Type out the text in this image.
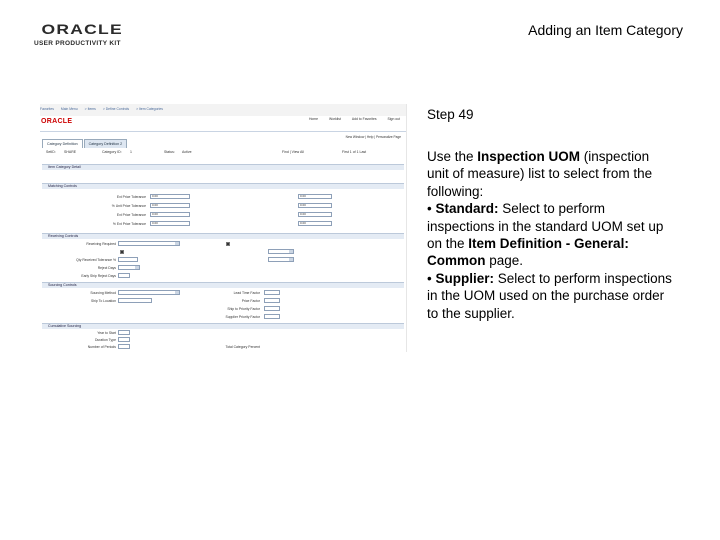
ORACLE
USER PRODUCTIVITY KIT
Adding an Item Category
Favorites Main Menu > Items > Define Controls > Item Categories
ORACLE	Home	Worklist	Add to Favorites	Sign out
New Window | Help | Personalize Page
Category Definition	Category Definition 2
SetID: SHARE	Category ID: 1	Status: Active	Find | View All	First 1 of 1 Last
Item Category Detail
Matching Controls
Ext Price Tolerance	0.00	0.00
% Unit Price Tolerance	0.00	0.00
Ext Price Tolerance	0.00	0.00
% Ext Price Tolerance	0.00	0.00
Receiving Controls
Receiving Required
Qty Received Tolerance %
Reject Days
Early Ship Reject Days
Sourcing Controls
Sourcing Method
Ship To Location
Lead Time Factor
Price Factor
Ship to Priority Factor
Supplier Priority Factor
Cumulative Sourcing
Year to Start
Duration Type
Number of Periods	Total Category Percent
Step 49

Use the Inspection UOM (inspection unit of measure) list to select from the following:

• Standard: Select to perform inspections in the standard UOM set up on the Item Definition - General: Common page.

• Supplier: Select to perform inspections in the UOM used on the purchase order to the supplier.
